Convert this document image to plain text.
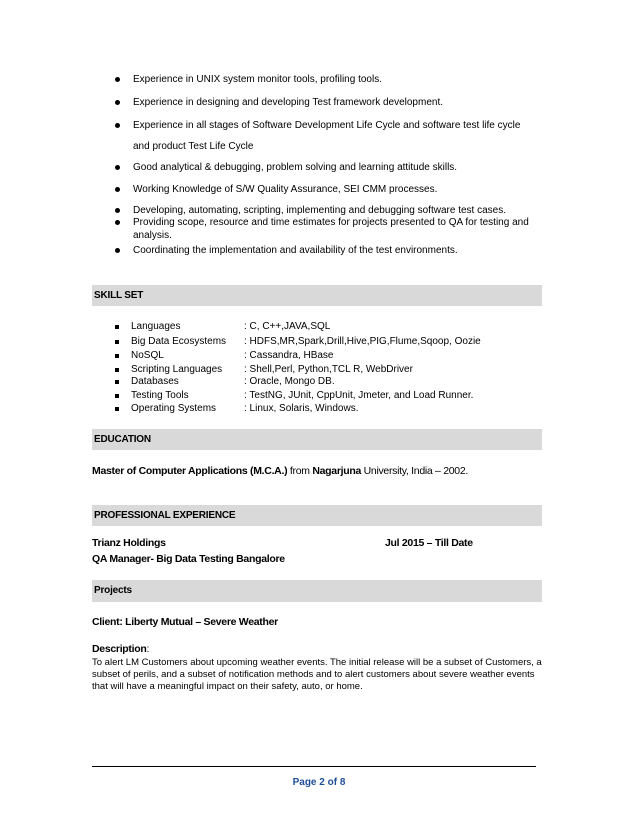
Experience in UNIX system monitor tools, profiling tools.
Experience in designing and developing Test framework development.
Experience in all stages of Software Development Life Cycle and software test life cycle
and product Test Life Cycle
Good analytical & debugging, problem solving and learning attitude skills.
Working Knowledge of S/W Quality Assurance, SEI CMM processes.
Developing, automating, scripting, implementing and debugging software test cases.
Providing scope, resource and time estimates for projects presented to QA for testing and analysis.
Coordinating the implementation and availability of the test environments.
SKILL SET
Languages	: C, C++,JAVA,SQL
Big Data Ecosystems : HDFS,MR,Spark,Drill,Hive,PIG,Flume,Sqoop, Oozie
NoSQL	: Cassandra, HBase
Scripting Languages : Shell,Perl, Python,TCL R, WebDriver
Databases	: Oracle, Mongo DB.
Testing Tools	: TestNG, JUnit, CppUnit, Jmeter, and Load Runner.
Operating Systems	: Linux, Solaris, Windows.
EDUCATION
Master of Computer Applications (M.C.A.) from Nagarjuna University, India – 2002.
PROFESSIONAL EXPERIENCE
Trianz Holdings	Jul 2015 – Till Date
QA Manager- Big Data Testing Bangalore
Projects
Client: Liberty Mutual – Severe Weather
Description:
To alert LM Customers about upcoming weather events. The initial release will be a subset of Customers, a subset of perils, and a subset of notification methods and to alert customers about severe weather events that will have a meaningful impact on their safety, auto, or home.
Page 2 of 8
